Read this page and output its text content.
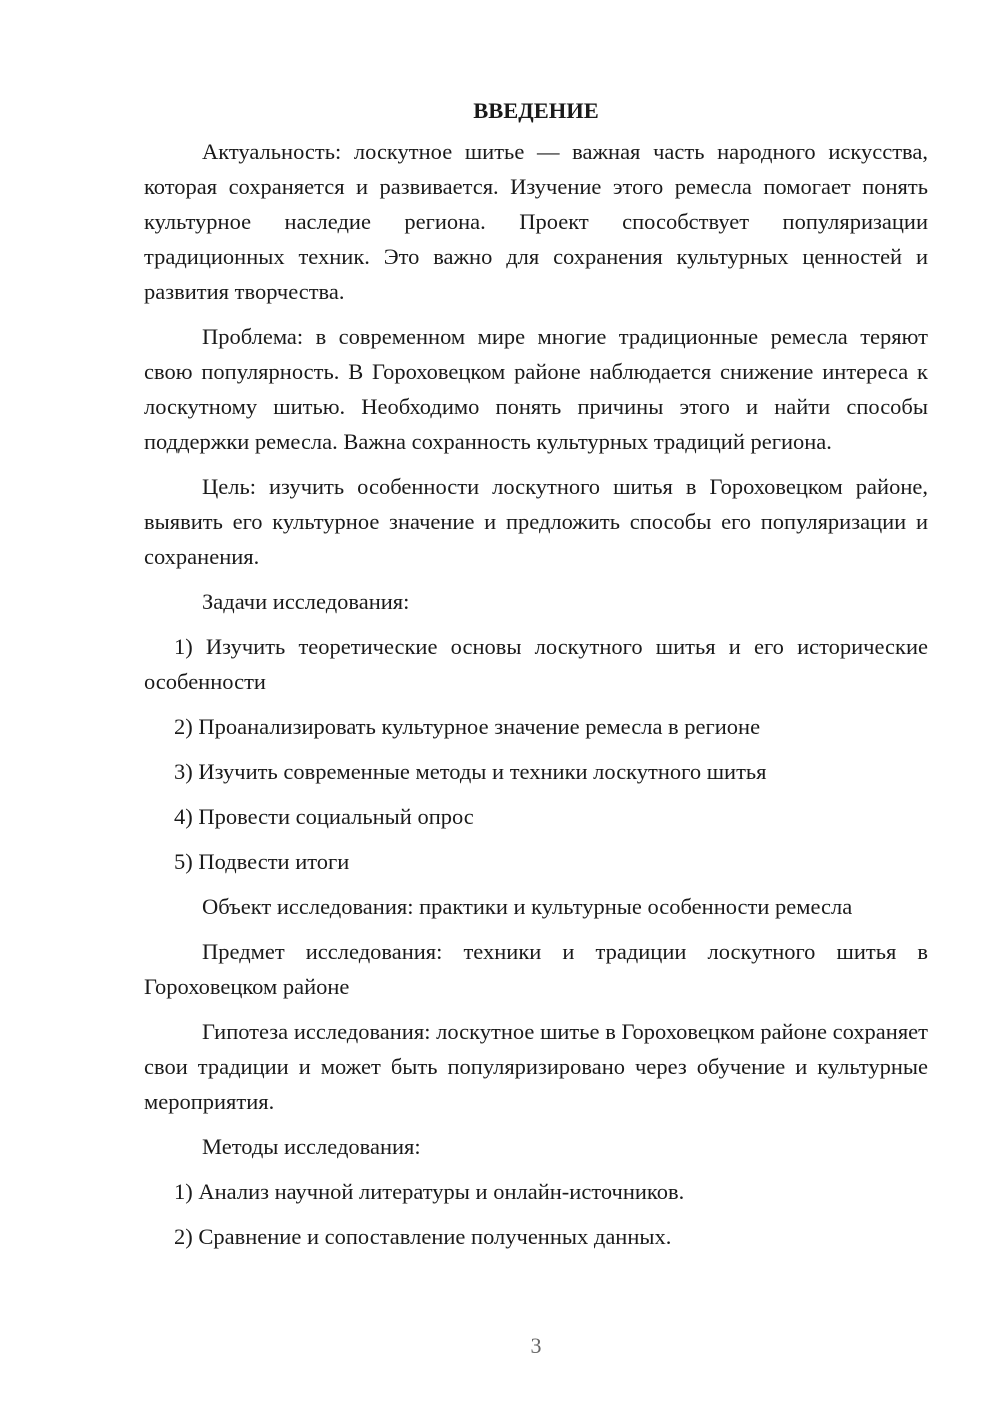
ВВЕДЕНИЕ

Актуальность: лоскутное шитье — важная часть народного искусства, которая сохраняется и развивается. Изучение этого ремесла помогает понять культурное наследие региона. Проект способствует популяризации традиционных техник. Это важно для сохранения культурных ценностей и развития творчества.

Проблема: в современном мире многие традиционные ремесла теряют свою популярность. В Гороховецком районе наблюдается снижение интереса к лоскутному шитью. Необходимо понять причины этого и найти способы поддержки ремесла. Важна сохранность культурных традиций региона.

Цель: изучить особенности лоскутного шитья в Гороховецком районе, выявить его культурное значение и предложить способы его популяризации и сохранения.

Задачи исследования:

1) Изучить теоретические основы лоскутного шитья и его исторические особенности

2) Проанализировать культурное значение ремесла в регионе

3) Изучить современные методы и техники лоскутного шитья

4) Провести социальный опрос

5) Подвести итоги

Объект исследования: практики и культурные особенности ремесла

Предмет исследования: техники и традиции лоскутного шитья в Гороховецком районе

Гипотеза исследования: лоскутное шитье в Гороховецком районе сохраняет свои традиции и может быть популяризировано через обучение и культурные мероприятия.

Методы исследования:

1) Анализ научной литературы и онлайн-источников.

2) Сравнение и сопоставление полученных данных.

3
